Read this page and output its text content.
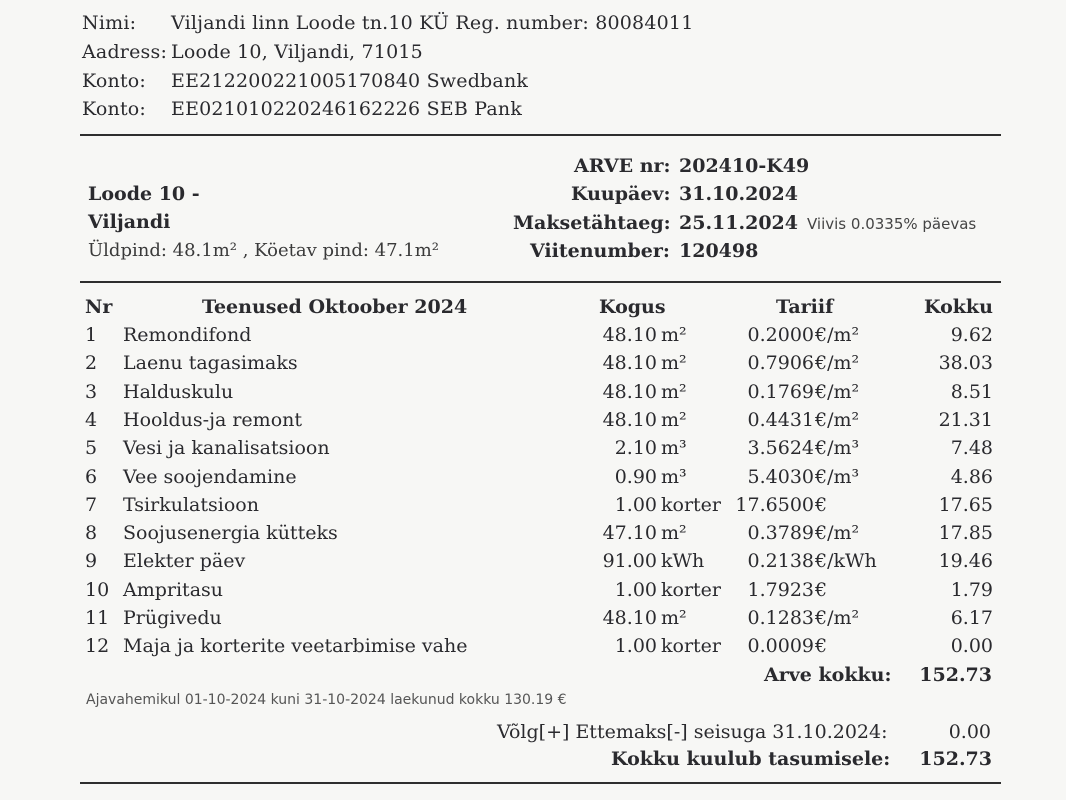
Nimi: Viljandi linn Loode tn.10 KÜ Reg. number: 80084011
Aadress: Loode 10, Viljandi, 71015
Konto: EE212200221005170840 Swedbank
Konto: EE021010220246162226 SEB Pank
Loode 10 -
Viljandi
Üldpind: 48.1m² , Köetav pind: 47.1m²
ARVE nr: 202410-K49
Kuupäev: 31.10.2024
Maksetähtaeg: 25.11.2024 Viivis 0.0335% päevas
Viitenumber: 120498
Nr	Teenused Oktoober 2024	Kogus	Tariif	Kokku
1 Remondifond	48.10 m²	0.2000 €/m²	9.62
2 Laenu tagasimaks	48.10 m²	0.7906 €/m²	38.03
3 Halduskulu	48.10 m²	0.1769 €/m²	8.51
4 Hooldus-ja remont	48.10 m²	0.4431 €/m²	21.31
5 Vesi ja kanalisatsioon	2.10 m³	3.5624 €/m³	7.48
6 Vee soojendamine	0.90 m³	5.4030 €/m³	4.86
7 Tsirkulatsioon	1.00 korter 17.6500 €	17.65
8 Soojusenergia kütteks	47.10 m²	0.3789 €/m²	17.85
9 Elekter päev	91.00 kWh	0.2138 €/kWh	19.46
10 Ampritasu	1.00 korter	1.7923 €	1.79
11 Prügivedu	48.10 m²	0.1283 €/m²	6.17
12 Maja ja korterite veetarbimise vahe	1.00 korter	0.0009 €	0.00
Arve kokku:	152.73
Ajavahemikul 01-10-2024 kuni 31-10-2024 laekunud kokku 130.19 €
Võlg[+] Ettemaks[-] seisuga 31.10.2024:	0.00
Kokku kuulub tasumisele:	152.73
